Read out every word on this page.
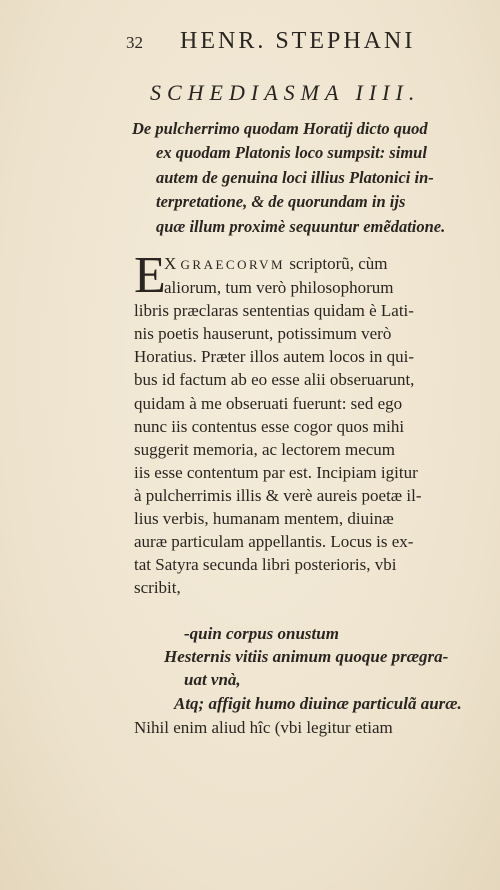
32	HENR. STEPHANI
SCHEDIASMA IIII.
De pulcherrimo quodam Horatij dicto quod
ex quodam Platonis loco sumpsit: simul
autem de genuina loci illius Platonici in-
terpretatione, & de quorundam in ijs
quæ illum proximè sequuntur emẽdatione.
E
X GRAECORVM scriptorũ, cùm
aliorum, tum verò philosophorum
libris præclaras sententias quidam è Lati-
nis poetis hauserunt, potissimum verò
Horatius. Præter illos autem locos in qui-
bus id factum ab eo esse alii obseruarunt,
quidam à me obseruati fuerunt: sed ego
nunc iis contentus esse cogor quos mihi
suggerit memoria, ac lectorem mecum
iis esse contentum par est. Incipiam igitur
à pulcherrimis illis & verè aureis poetæ il-
lius verbis, humanam mentem, diuinæ
auræ particulam appellantis. Locus is ex-
tat Satyra secunda libri posterioris, vbi
scribit,
-quin corpus onustum
Hesternis vitiis animum quoque prægra-
uat vnà,
Atq; affigit humo diuinæ particulã auræ.
Nihil enim aliud hîc (vbi legitur etiam
